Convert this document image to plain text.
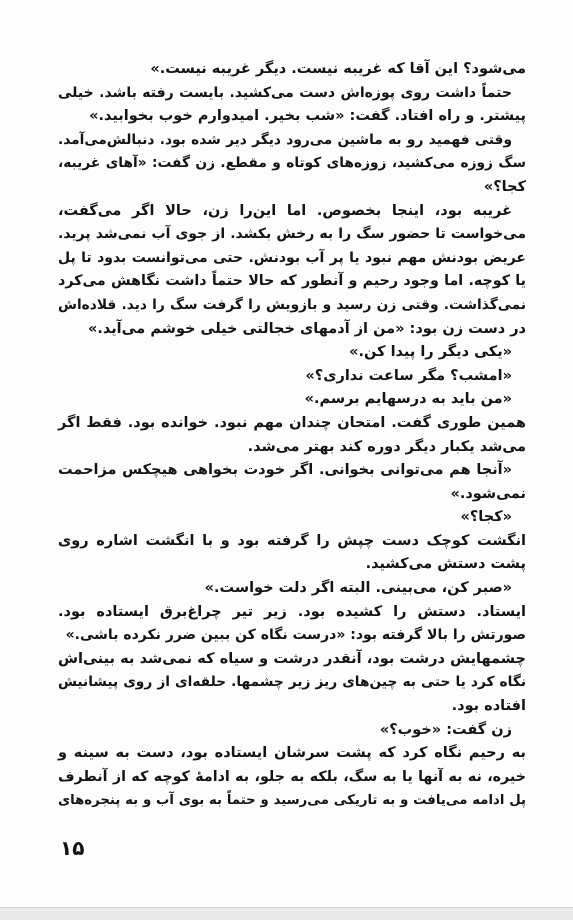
می‌شود؟ این آقا که غریبه نیست. دیگر غریبه نیست.»
حتماً داشت روی پوزه‌اش دست می‌کشید. بایست رفته باشد. خیلی
پیشتر. و راه افتاد. گفت: «شب بخیر. امیدوارم خوب بخوابید.»
وقتی فهمید رو به ماشین می‌رود دیگر دیر شده بود. دنبالش‌می‌آمد.
سگ زوزه می‌کشید، زوزه‌های کوتاه و مقطع. زن گفت: «آهای غریبه،
کجا؟»
غریبه بود، اینجا بخصوص. اما این‌را زن، حالا اگر می‌گفت،
می‌خواست تا حضور سگ را به رخش بکشد. از جوی آب نمی‌شد پرید.
عریض بودنش مهم نبود یا پر آب بودنش. حتی می‌توانست بدود تا پل
یا کوچه. اما وجود رحیم و آنطور که حالا حتماً داشت نگاهش می‌کرد
نمی‌گذاشت. وقتی زن رسید و بازویش را گرفت سگ را دید. قلاده‌اش
در دست زن بود: «من از آدمهای خجالتی خیلی خوشم می‌آید.»
«یکی دیگر را پیدا کن.»
«امشب؟ مگر ساعت نداری؟»
«من باید به درسهایم برسم.»
همین طوری گفت. امتحان چندان مهم نبود. خوانده بود. فقط اگر
می‌شد یکبار دیگر دوره کند بهتر می‌شد.
«آنجا هم می‌توانی بخوانی. اگر خودت بخواهی هیچکس مزاحمت
نمی‌شود.»
«کجا؟»
انگشت کوچک دست چپش را گرفته بود و با انگشت اشاره روی
پشت دستش می‌کشید.
«صبر کن، می‌بینی. البته اگر دلت خواست.»
ایستاد. دستش را کشیده بود. زیر تیر چراغ‌برق ایستاده بود.
صورتش را بالا گرفته بود: «درست نگاه کن ببین ضرر نکرده باشی.»
چشمهایش درشت بود، آنقدر درشت و سیاه که نمی‌شد به بینی‌اش
نگاه کرد یا حتی به چین‌های ریز زیر چشمها. حلقه‌ای از روی پیشانیش
افتاده بود.
زن گفت: «خوب؟»
به رحیم نگاه کرد که پشت سرشان ایستاده بود، دست به سینه و
خیره، نه به آنها یا به سگ، بلکه به جلو، به ادامهٔ کوچه که از آنطرف
پل ادامه می‌یافت و به تاریکی می‌رسید و حتماً به بوی آب و به پنجره‌های
۱۵
